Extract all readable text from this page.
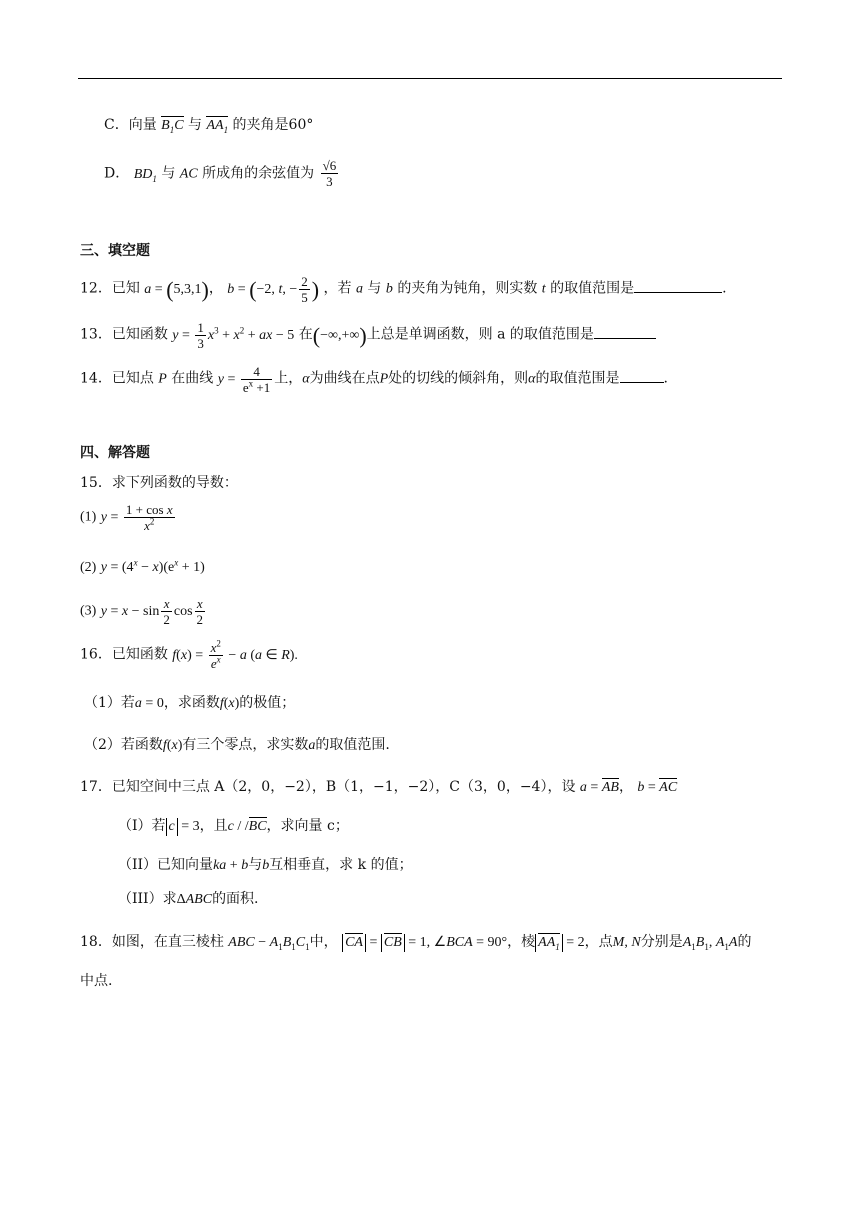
C．向量 $B_1C$ 与 $AA_1$ 的夹角是60°
D． $BD_1$ 与 AC 所成角的余弦值为 $\frac{√6}{3}$
三、填空题
12．已知 a = (5,3,1)， b = (−2, t, − $\frac{2}{5}$ ) ，若 a 与 b 的夹角为钝角，则实数 t 的取值范围是	.
13．已知函数 $y = \frac{1}{3} x^3 + x^2$ + ax − 5 在(−∞,+∞)上总是单调函数，则 a 的取值范围是
14．已知点 P 在曲线 $y = \frac{4}{e^x +1}$ 上，α为曲线在点P处的切线的倾斜角，则α的取值范围是	.
四、解答题
15．求下列函数的导数：
(1) $y = \frac{\text{1 + cos x}}{x^2}$
(2) $y = (4^x - x)(e^x + 1)$
(3) $y = x - \sin \frac{x}{2}$ $\cos \frac{x}{2}$
16．已知函数 $f(x) = \frac{x^2}{e^x} - a$ (a ∈ R).
（1）若a = 0，求函数f(x)的极值；
（2）若函数f(x)有三个零点，求实数a的取值范围.
17．已知空间中三点 A（2，0，−2），B（1，−1，−2），C（3，0，−4），设 a = AB， b = AC
（I）若 c = 3，且c / /BC，求向量 c；
（II）已知向量ka + b与b互相垂直，求 k 的值；
（III）求ΔABC的面积.
18．如图，在直三棱柱 ABC − $A_1B_1C_1$中， CA = CB = 1, ∠BCA = 90°，棱 $AA_1 = 2$，点M, N分别是$A_1B_1$, $A_1A$的
中点.
